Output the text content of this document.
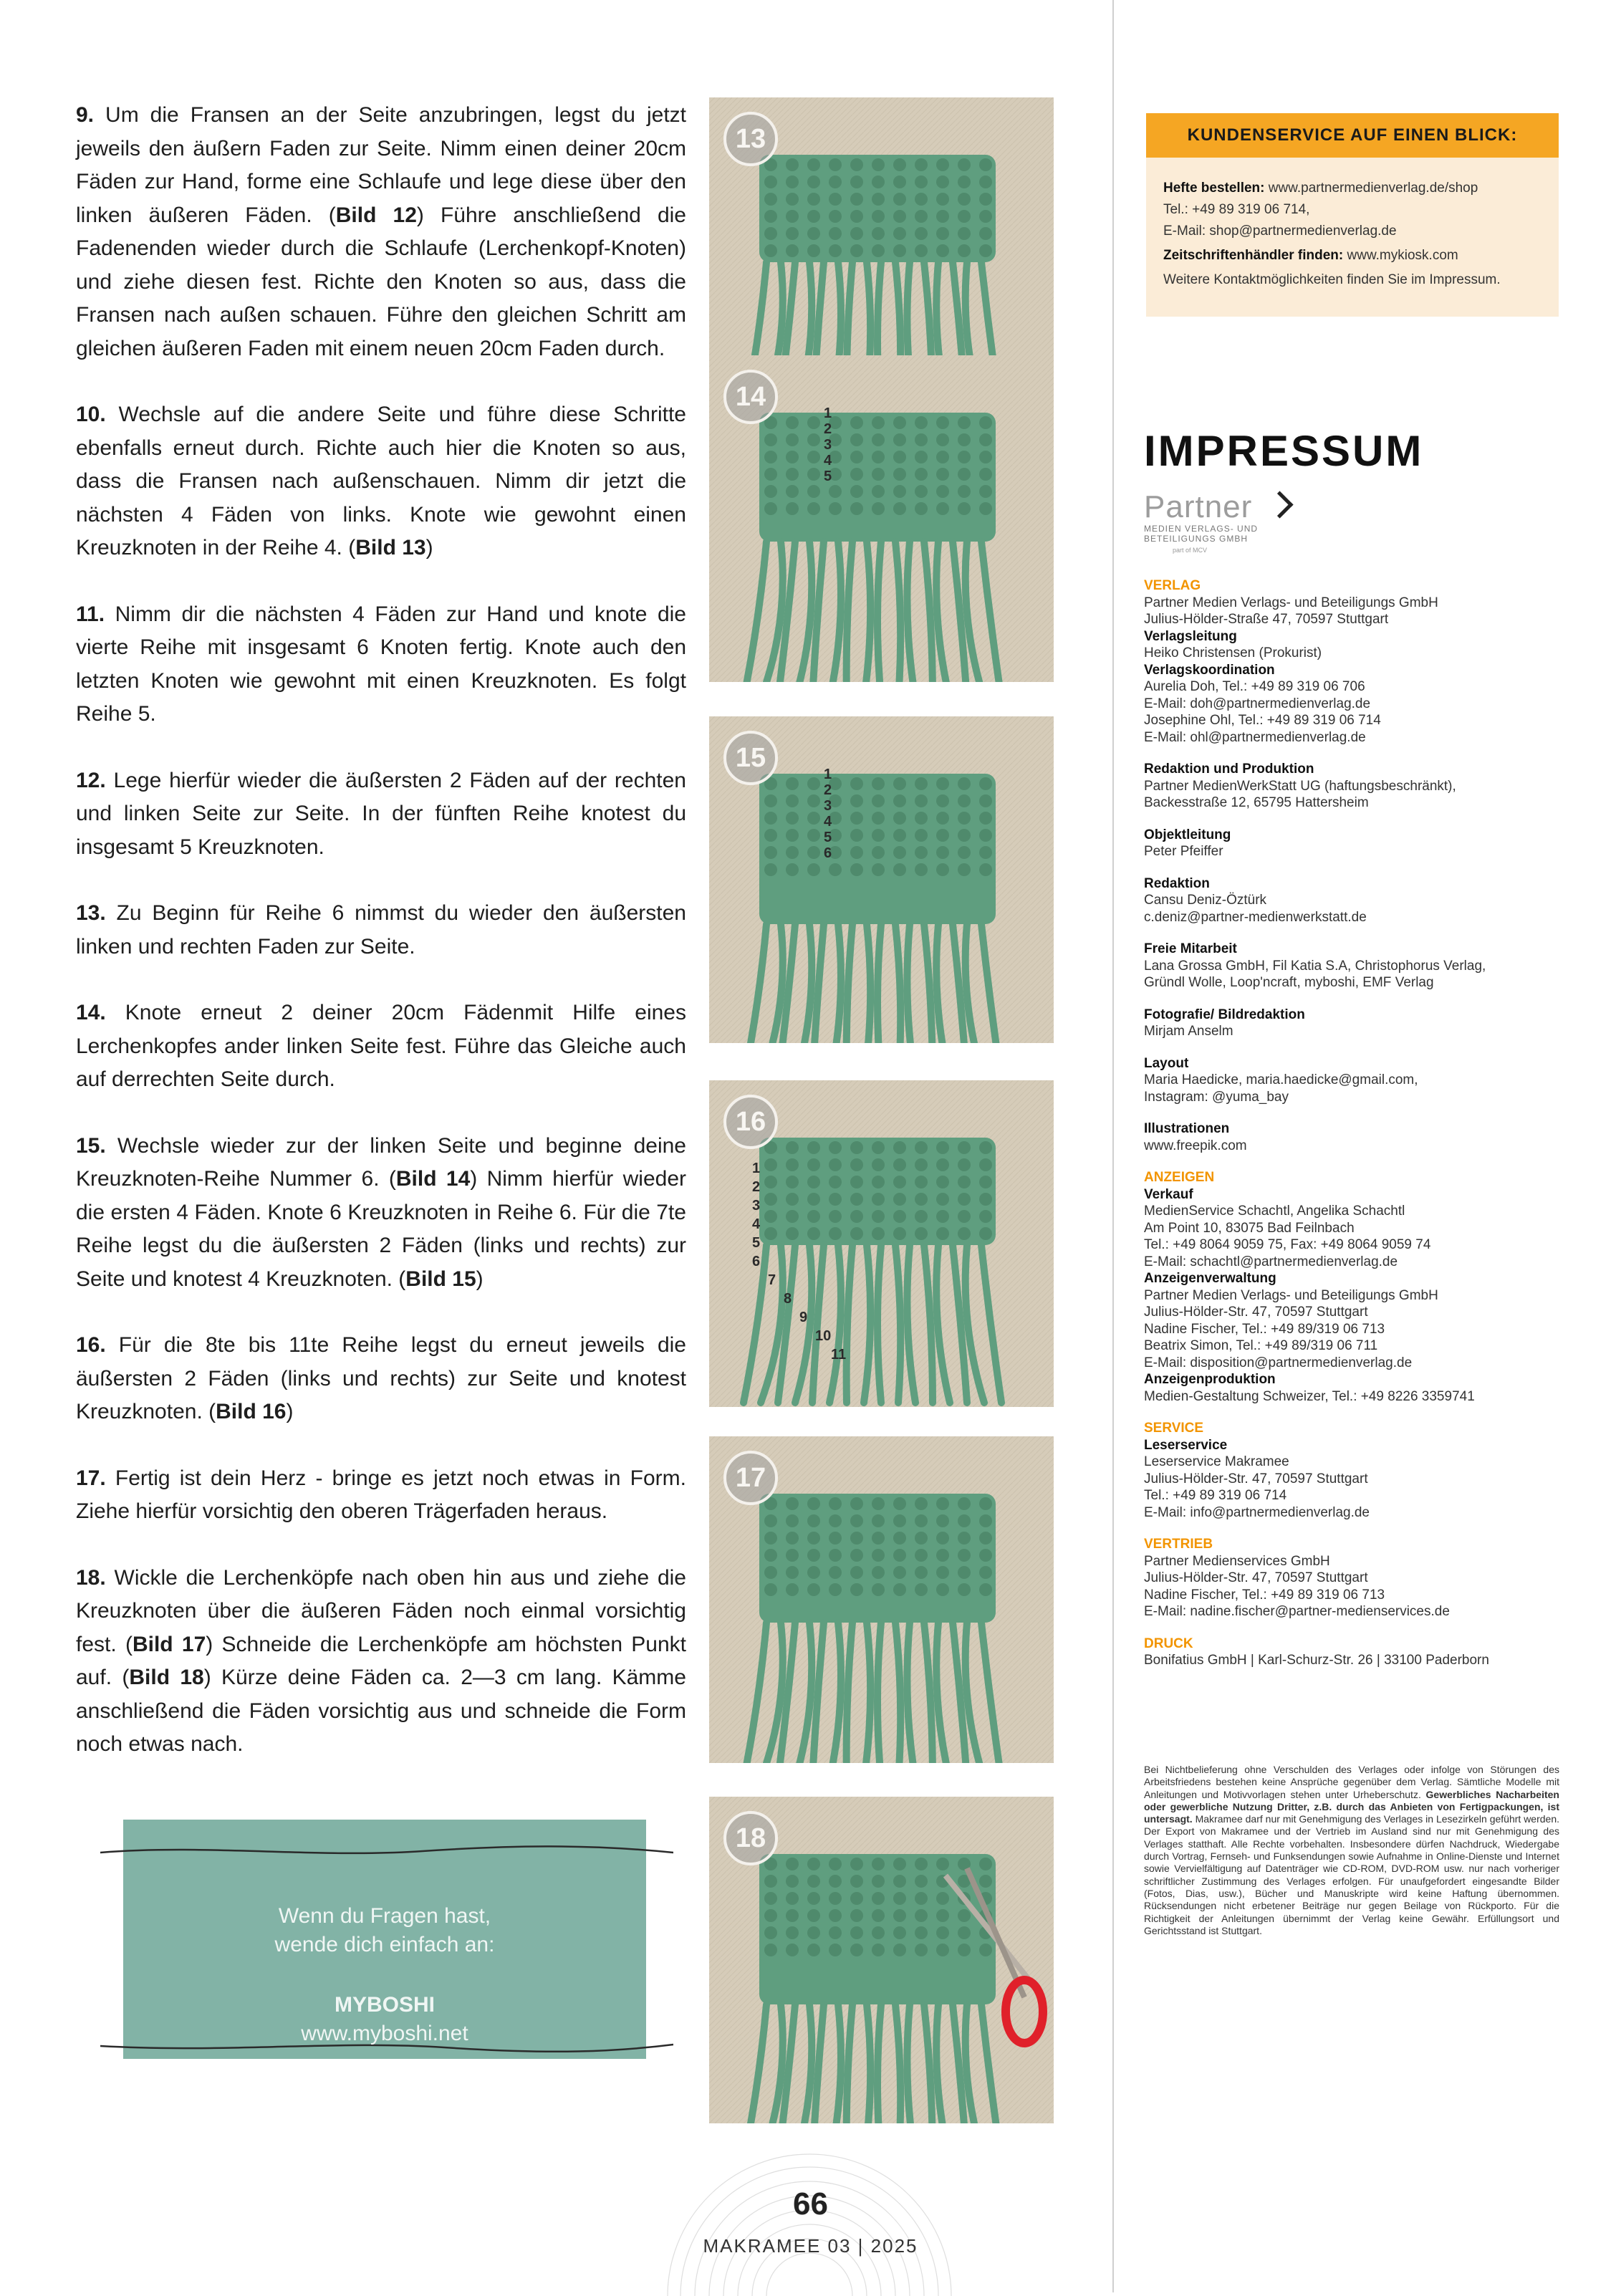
9. Um die Fransen an der Seite anzubringen, legst du jetzt jeweils den äußern Faden zur Seite. Nimm einen deiner 20cm Fäden zur Hand, forme eine Schlaufe und lege diese über den linken äußeren Fäden. (Bild 12) Führe anschließend die Fadenenden wieder durch die Schlaufe (Lerchenkopf-Knoten) und ziehe diesen fest. Richte den Knoten so aus, dass die Fransen nach außen schauen. Führe den gleichen Schritt am gleichen äußeren Faden mit einem neuen 20cm Faden durch.

10. Wechsle auf die andere Seite und führe diese Schritte ebenfalls erneut durch. Richte auch hier die Knoten so aus, dass die Fransen nach außenschauen. Nimm dir jetzt die nächsten 4 Fäden von links. Knote wie gewohnt einen Kreuzknoten in der Reihe 4. (Bild 13)

11. Nimm dir die nächsten 4 Fäden zur Hand und knote die vierte Reihe mit insgesamt 6 Knoten fertig. Knote auch den letzten Knoten wie gewohnt mit einen Kreuzknoten. Es folgt Reihe 5.

12. Lege hierfür wieder die äußersten 2 Fäden auf der rechten und linken Seite zur Seite. In der fünften Reihe knotest du insgesamt 5 Kreuzknoten.

13. Zu Beginn für Reihe 6 nimmst du wieder den äußersten linken und rechten Faden zur Seite.

14. Knote erneut 2 deiner 20cm Fädenmit Hilfe eines Lerchenkopfes ander linken Seite fest. Führe das Gleiche auch auf derrechten Seite durch.

15. Wechsle wieder zur der linken Seite und beginne deine Kreuzknoten-Reihe Nummer 6. (Bild 14) Nimm hierfür wieder die ersten 4 Fäden. Knote 6 Kreuzknoten in Reihe 6. Für die 7te Reihe legst du die äußersten 2 Fäden (links und rechts) zur Seite und knotest 4 Kreuzknoten. (Bild 15)

16. Für die 8te bis 11te Reihe legst du erneut jeweils die äußersten 2 Fäden (links und rechts) zur Seite und knotest Kreuzknoten. (Bild 16)

17. Fertig ist dein Herz - bringe es jetzt noch etwas in Form. Ziehe hierfür vorsichtig den oberen Trägerfaden heraus.

18. Wickle die Lerchenköpfe nach oben hin aus und ziehe die Kreuzknoten über die äußeren Fäden noch einmal vorsichtig fest. (Bild 17) Schneide die Lerchenköpfe am höchsten Punkt auf. (Bild 18) Kürze deine Fäden ca. 2—3 cm lang. Kämme anschließend die Fäden vorsichtig aus und schneide die Form noch etwas nach.

13
14
1
2
3
4
5
15
1
2
3
4
5
6
16
1
2
3
4
5
6
7
8
9
10
11
17
18
Wenn du Fragen hast,
wende dich einfach an:
MYBOSHI
www.myboshi.net
KUNDENSERVICE AUF EINEN BLICK:
Hefte bestellen: www.partnermedienverlag.de/shop
Tel.: +49 89 319 06 714,
E-Mail: shop@partnermedienverlag.de
Zeitschriftenhändler finden: www.mykiosk.com
Weitere Kontaktmöglichkeiten finden Sie im Impressum.
IMPRESSUM
Partner
MEDIEN VERLAGS- UND
BETEILIGUNGS GMBH
part of MCV
VERLAG
Partner Medien Verlags- und Beteiligungs GmbH
Julius-Hölder-Straße 47, 70597 Stuttgart
Verlagsleitung
Heiko Christensen (Prokurist)
Verlagskoordination
Aurelia Doh, Tel.: +49 89 319 06 706
E-Mail: doh@partnermedienverlag.de
Josephine Ohl, Tel.: +49 89 319 06 714
E-Mail: ohl@partnermedienverlag.de
Redaktion und Produktion
Partner MedienWerkStatt UG (haftungsbeschränkt),
Backesstraße 12, 65795 Hattersheim
Objektleitung
Peter Pfeiffer
Redaktion
Cansu Deniz-Öztürk
c.deniz@partner-medienwerkstatt.de
Freie Mitarbeit
Lana Grossa GmbH, Fil Katia S.A, Christophorus Verlag,
Gründl Wolle, Loop'ncraft, myboshi, EMF Verlag
Fotografie/ Bildredaktion
Mirjam Anselm
Layout
Maria Haedicke, maria.haedicke@gmail.com,
Instagram: @yuma_bay
Illustrationen
www.freepik.com
ANZEIGEN
Verkauf
MedienService Schachtl, Angelika Schachtl
Am Point 10, 83075 Bad Feilnbach
Tel.: +49 8064 9059 75, Fax: +49 8064 9059 74
E-Mail: schachtl@partnermedienverlag.de
Anzeigenverwaltung
Partner Medien Verlags- und Beteiligungs GmbH
Julius-Hölder-Str. 47, 70597 Stuttgart
Nadine Fischer, Tel.: +49 89/319 06 713
Beatrix Simon, Tel.: +49 89/319 06 711
E-Mail: disposition@partnermedienverlag.de
Anzeigenproduktion
Medien-Gestaltung Schweizer, Tel.: +49 8226 3359741
SERVICE
Leserservice
Leserservice Makramee
Julius-Hölder-Str. 47, 70597 Stuttgart
Tel.: +49 89 319 06 714
E-Mail: info@partnermedienverlag.de
VERTRIEB
Partner Medienservices GmbH
Julius-Hölder-Str. 47, 70597 Stuttgart
Nadine Fischer, Tel.: +49 89 319 06 713
E-Mail: nadine.fischer@partner-medienservices.de
DRUCK
Bonifatius GmbH | Karl-Schurz-Str. 26 | 33100 Paderborn
Bei Nichtbelieferung ohne Verschulden des Verlages oder infolge von Störungen des Arbeitsfriedens bestehen keine Ansprüche gegenüber dem Verlag. Sämtliche Modelle mit Anleitungen und Motivvorlagen stehen unter Urheberschutz. Gewerbliches Nacharbeiten oder gewerbliche Nutzung Dritter, z.B. durch das Anbieten von Fertigpackungen, ist untersagt. Makramee darf nur mit Genehmigung des Verlages in Lesezirkeln geführt werden. Der Export von Makramee und der Vertrieb im Ausland sind nur mit Genehmigung des Verlages statthaft. Alle Rechte vorbehalten. Insbesondere dürfen Nachdruck, Wiedergabe durch Vortrag, Fernseh- und Funksendungen sowie Aufnahme in Online-Dienste und Internet sowie Vervielfältigung auf Datenträger wie CD-ROM, DVD-ROM usw. nur nach vorheriger schriftlicher Zustimmung des Verlages erfolgen. Für unaufgefordert eingesandte Bilder (Fotos, Dias, usw.), Bücher und Manuskripte wird keine Haftung übernommen. Rücksendungen nicht erbetener Beiträge nur gegen Beilage von Rückporto. Für die Richtigkeit der Anleitungen übernimmt der Verlag keine Gewähr. Erfüllungsort und Gerichtsstand ist Stuttgart.
66
MAKRAMEE 03 | 2025
